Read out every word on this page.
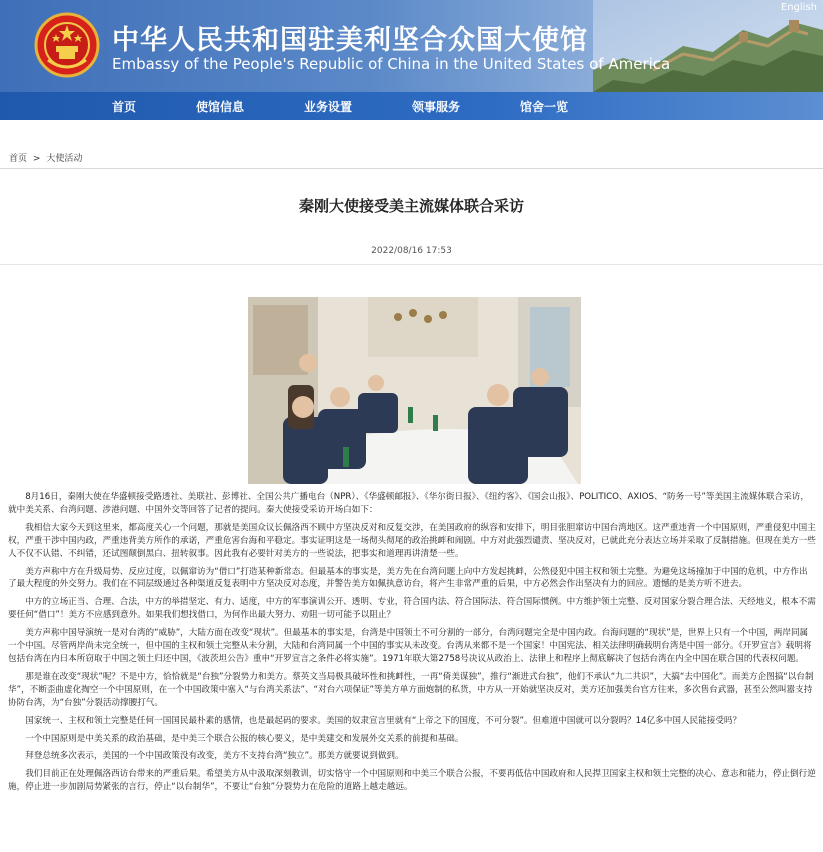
中华人民共和国驻美利坚合众国大使馆
Embassy of the People's Republic of China in the United States of America
English
首页	使馆信息	业务设置	领事服务	馆舍一览
首页 > 大使活动
秦刚大使接受美主流媒体联合采访
2022/08/16 17:53

8月16日，秦刚大使在华盛顿接受路透社、美联社、彭博社、全国公共广播电台（NPR）、《华盛顿邮报》、《华尔街日报》、《纽约客》、《国会山报》、POLITICO、AXIOS、“防务一号”等美国主流媒体联合采访，就中美关系、台湾问题、涉港问题、中国外交等回答了记者的提问。秦大使接受采访开场白如下：

我相信大家今天到这里来，都高度关心一个问题，那就是美国众议长佩洛西不顾中方坚决反对和反复交涉，在美国政府的纵容和安排下，明目张胆窜访中国台湾地区。这严重违背一个中国原则，严重侵犯中国主权，严重干涉中国内政，严重违背美方所作的承诺，严重危害台海和平稳定。事实证明这是一场彻头彻尾的政治挑衅和闹剧。中方对此强烈谴责、坚决反对，已就此充分表达立场并采取了反制措施。但现在美方一些人不仅不认错、不纠错，还试图颠倒黑白、扭转叙事。因此我有必要针对美方的一些说法，把事实和道理再讲清楚一些。

美方声称中方在升级局势、反应过度，以佩窜访为“借口”打造某种新常态。但最基本的事实是，美方先在台湾问题上向中方发起挑衅，公然侵犯中国主权和领土完整。为避免这场撞加于中国的危机，中方作出了最大程度的外交努力。我们在不同层级通过各种渠道反复表明中方坚决反对态度，并警告美方如佩执意访台，将产生非常严重的后果，中方必然会作出坚决有力的回应。遗憾的是美方听不进去。

中方的立场正当、合理、合法，中方的举措坚定、有力、适度，中方的军事演训公开、透明、专业，符合国内法、符合国际法、符合国际惯例。中方维护领土完整、反对国家分裂合理合法、天经地义，根本不需要任何“借口”！美方不应感到意外。如果我们想找借口，为何作出最大努力、劝阻一切可能予以阻止？

美方声称中国导演统一是对台湾的“威胁”，大陆方面在改变“现状”。但最基本的事实是，台湾是中国领土不可分割的一部分，台湾问题完全是中国内政。台海问题的“现状”是，世界上只有一个中国，两岸同属一个中国。尽管两岸尚未完全统一，但中国的主权和领土完整从未分割，大陆和台湾同属一个中国的事实从未改变。台湾从来都不是一个国家！中国宪法、相关法律明确载明台湾是中国一部分。《开罗宣言》载明将包括台湾在内日本所窃取于中国之领土归还中国，《波茨坦公告》重申“开罗宣言之条件必将实施”。1971年联大第2758号决议从政治上、法律上和程序上彻底解决了包括台湾在内全中国在联合国的代表权问题。

那是谁在改变“现状”呢？不是中方，恰恰就是“台独”分裂势力和美方。蔡英文当局极具破坏性和挑衅性，一再“倚美谋独”，推行“渐进式台独”，他们不承认“九二共识”，大搞“去中国化”。而美方企图搞“以台制华”，不断歪曲虚化掏空一个中国原则，在一个中国政策中塞入“与台湾关系法”、“对台六项保证”等美方单方面炮制的私货，中方从一开始就坚决反对，美方还加强美台官方往来，多次售台武器，甚至公然叫嚣支持协防台湾，为“台独”分裂活动撑腰打气。

国家统一、主权和领土完整是任何一国国民最朴素的感情，也是最起码的要求。美国的奴隶宣言里就有“上帝之下的国度，不可分裂”。但难道中国就可以分裂吗？14亿多中国人民能接受吗？

一个中国原则是中美关系的政治基础，是中美三个联合公报的核心要义，是中美建交和发展外交关系的前提和基础。

拜登总统多次表示，美国的一个中国政策没有改变，美方不支持台湾“独立”。那美方就要说到做到。

我们目前正在处理佩洛西访台带来的严重后果。希望美方从中汲取深刻教训，切实恪守一个中国原则和中美三个联合公报，不要再低估中国政府和人民捍卫国家主权和领土完整的决心、意志和能力，停止倒行逆施，停止进一步加剧局势紧张的言行，停止“以台制华”，不要让“台独”分裂势力在危险的道路上越走越远。
